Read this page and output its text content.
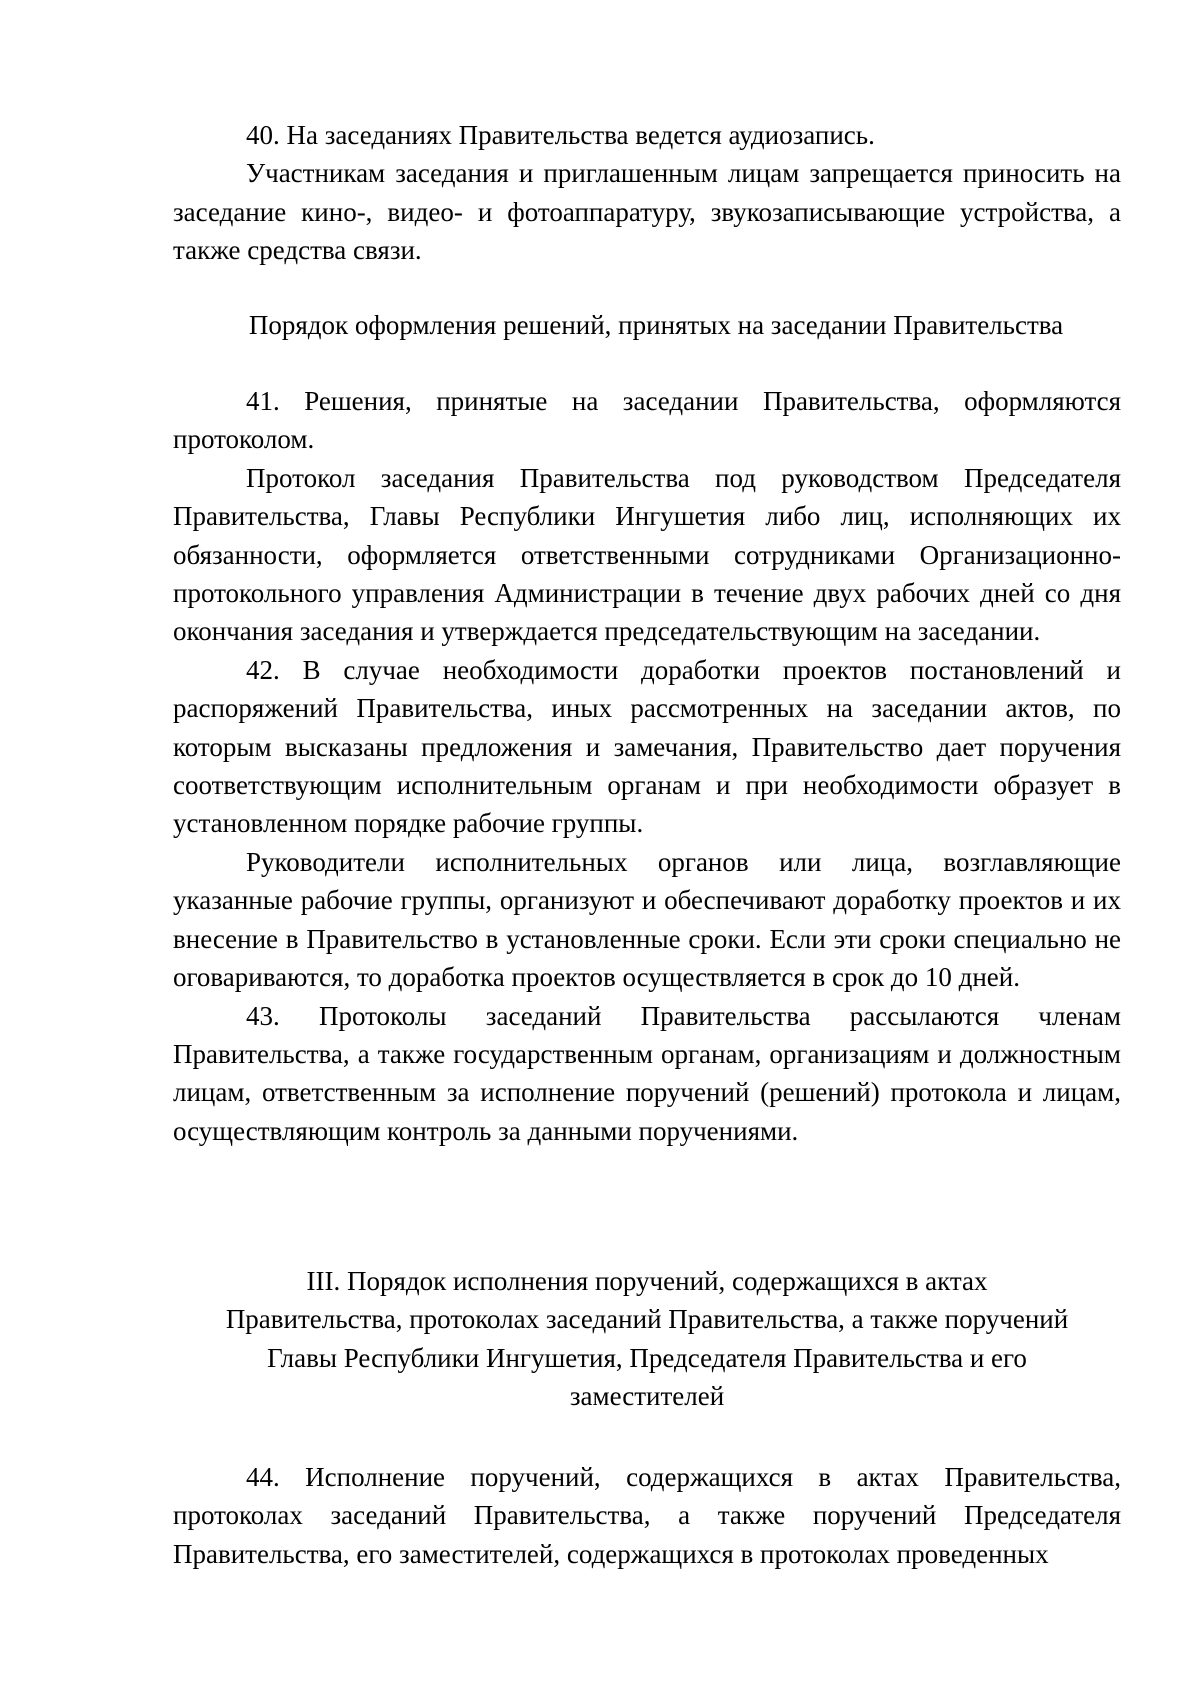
40. На заседаниях Правительства ведется аудиозапись.

Участникам заседания и приглашенным лицам запрещается приносить на заседание кино-, видео- и фотоаппаратуру, звукозаписывающие устройства, а также средства связи.

Порядок оформления решений, принятых на заседании Правительства

41. Решения, принятые на заседании Правительства, оформляются протоколом.

Протокол заседания Правительства под руководством Председателя Правительства, Главы Республики Ингушетия либо лиц, исполняющих их обязанности, оформляется ответственными сотрудниками Организационно-протокольного управления Администрации в течение двух рабочих дней со дня окончания заседания и утверждается председательствующим на заседании.

42. В случае необходимости доработки проектов постановлений и распоряжений Правительства, иных рассмотренных на заседании актов, по которым высказаны предложения и замечания, Правительство дает поручения соответствующим исполнительным органам и при необходимости образует в установленном порядке рабочие группы.

Руководители исполнительных органов или лица, возглавляющие указанные рабочие группы, организуют и обеспечивают доработку проектов и их внесение в Правительство в установленные сроки. Если эти сроки специально не оговариваются, то доработка проектов осуществляется в срок до 10 дней.

43. Протоколы заседаний Правительства рассылаются членам Правительства, а также государственным органам, организациям и должностным лицам, ответственным за исполнение поручений (решений) протокола и лицам, осуществляющим контроль за данными поручениями.

III. Порядок исполнения поручений, содержащихся в актах

Правительства, протоколах заседаний Правительства, а также поручений

Главы Республики Ингушетия, Председателя Правительства и его

заместителей

44. Исполнение поручений, содержащихся в актах Правительства, протоколах заседаний Правительства, а также поручений Председателя Правительства, его заместителей, содержащихся в протоколах проведенных
